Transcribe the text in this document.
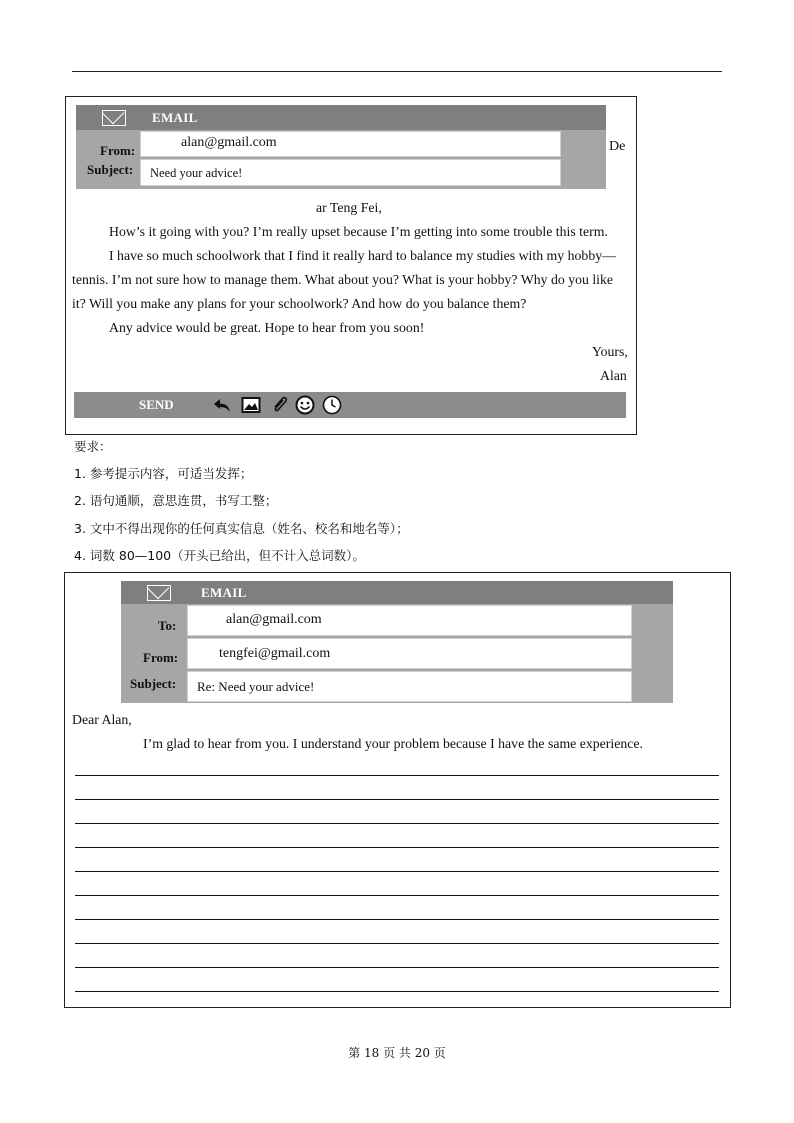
EMAIL
From:
Subject:
alan@gmail.com
Need your advice!
De
ar Teng Fei,
How’s it going with you? I’m really upset because I’m getting into some trouble this term.
I have so much schoolwork that I find it really hard to balance my studies with my hobby—
tennis. I’m not sure how to manage them. What about you? What is your hobby? Why do you like
it? Will you make any plans for your schoolwork? And how do you balance them?
Any advice would be great. Hope to hear from you soon!
Yours,
Alan
SEND
要求：
1. 参考提示内容，可适当发挥；
2. 语句通顺，意思连贯，书写工整；
3. 文中不得出现你的任何真实信息（姓名、校名和地名等）；
4. 词数 80—100（开头已给出，但不计入总词数）。
EMAIL
To:
From:
Subject:
alan@gmail.com
tengfei@gmail.com
Re: Need your advice!
Dear Alan,
I’m glad to hear from you. I understand your problem because I have the same experience.
第 18 页 共 20 页
